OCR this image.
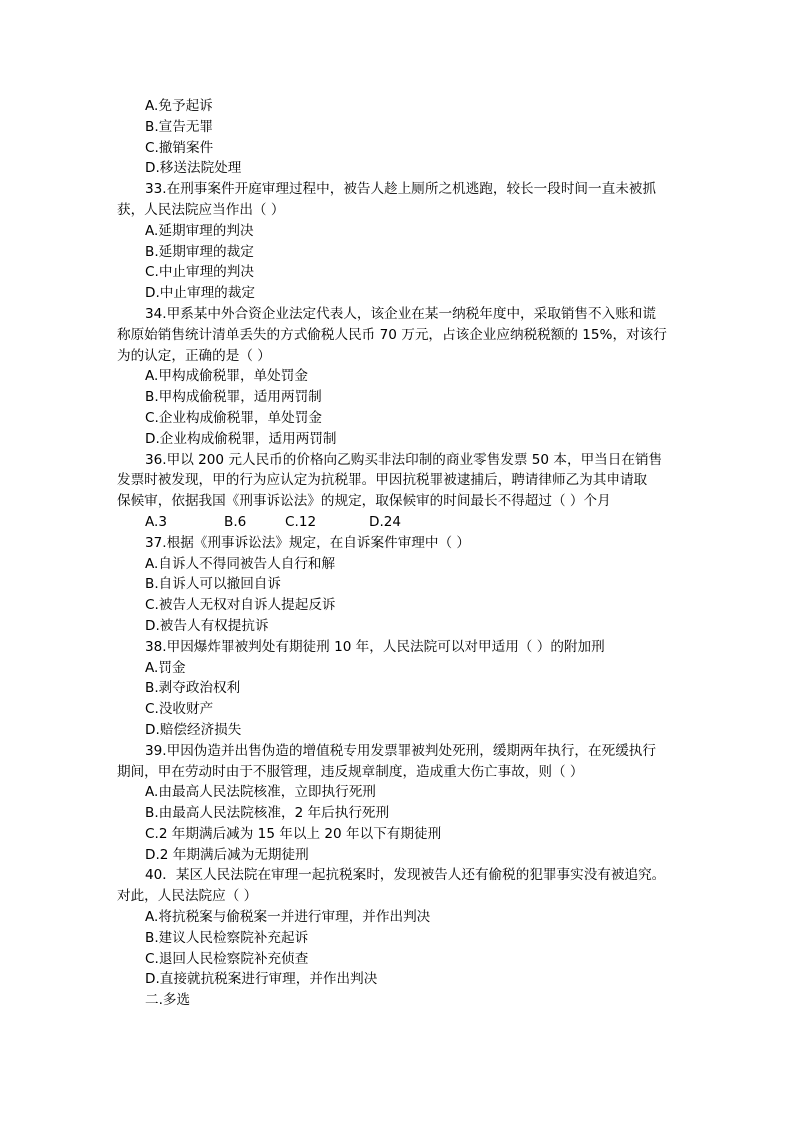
A.免予起诉
B.宣告无罪
C.撤销案件
D.移送法院处理
33.在刑事案件开庭审理过程中，被告人趁上厕所之机逃跑，较长一段时间一直未被抓
获，人民法院应当作出（ ）
A.延期审理的判决
B.延期审理的裁定
C.中止审理的判决
D.中止审理的裁定
34.甲系某中外合资企业法定代表人，该企业在某一纳税年度中，采取销售不入账和谎
称原始销售统计清单丢失的方式偷税人民币 70 万元，占该企业应纳税税额的 15%，对该行
为的认定，正确的是（ ）
A.甲构成偷税罪，单处罚金
B.甲构成偷税罪，适用两罚制
C.企业构成偷税罪，单处罚金
D.企业构成偷税罪，适用两罚制
36.甲以 200 元人民币的价格向乙购买非法印制的商业零售发票 50 本，甲当日在销售
发票时被发现，甲的行为应认定为抗税罪。甲因抗税罪被逮捕后，聘请律师乙为其申请取
保候审，依据我国《刑事诉讼法》的规定，取保候审的时间最长不得超过（ ）个月
A.3	B.6	C.12	D.24
37.根据《刑事诉讼法》规定，在自诉案件审理中（ ）
A.自诉人不得同被告人自行和解
B.自诉人可以撤回自诉
C.被告人无权对自诉人提起反诉
D.被告人有权提抗诉
38.甲因爆炸罪被判处有期徒刑 10 年，人民法院可以对甲适用（ ）的附加刑
A.罚金
B.剥夺政治权利
C.没收财产
D.赔偿经济损失
39.甲因伪造并出售伪造的增值税专用发票罪被判处死刑，缓期两年执行，在死缓执行
期间，甲在劳动时由于不服管理，违反规章制度，造成重大伤亡事故，则（ ）
A.由最高人民法院核准，立即执行死刑
B.由最高人民法院核准，2 年后执行死刑
C.2 年期满后减为 15 年以上 20 年以下有期徒刑
D.2 年期满后减为无期徒刑
40．某区人民法院在审理一起抗税案时，发现被告人还有偷税的犯罪事实没有被追究。
对此，人民法院应（ ）
A.将抗税案与偷税案一并进行审理，并作出判决
B.建议人民检察院补充起诉
C.退回人民检察院补充侦查
D.直接就抗税案进行审理，并作出判决
二.多选
